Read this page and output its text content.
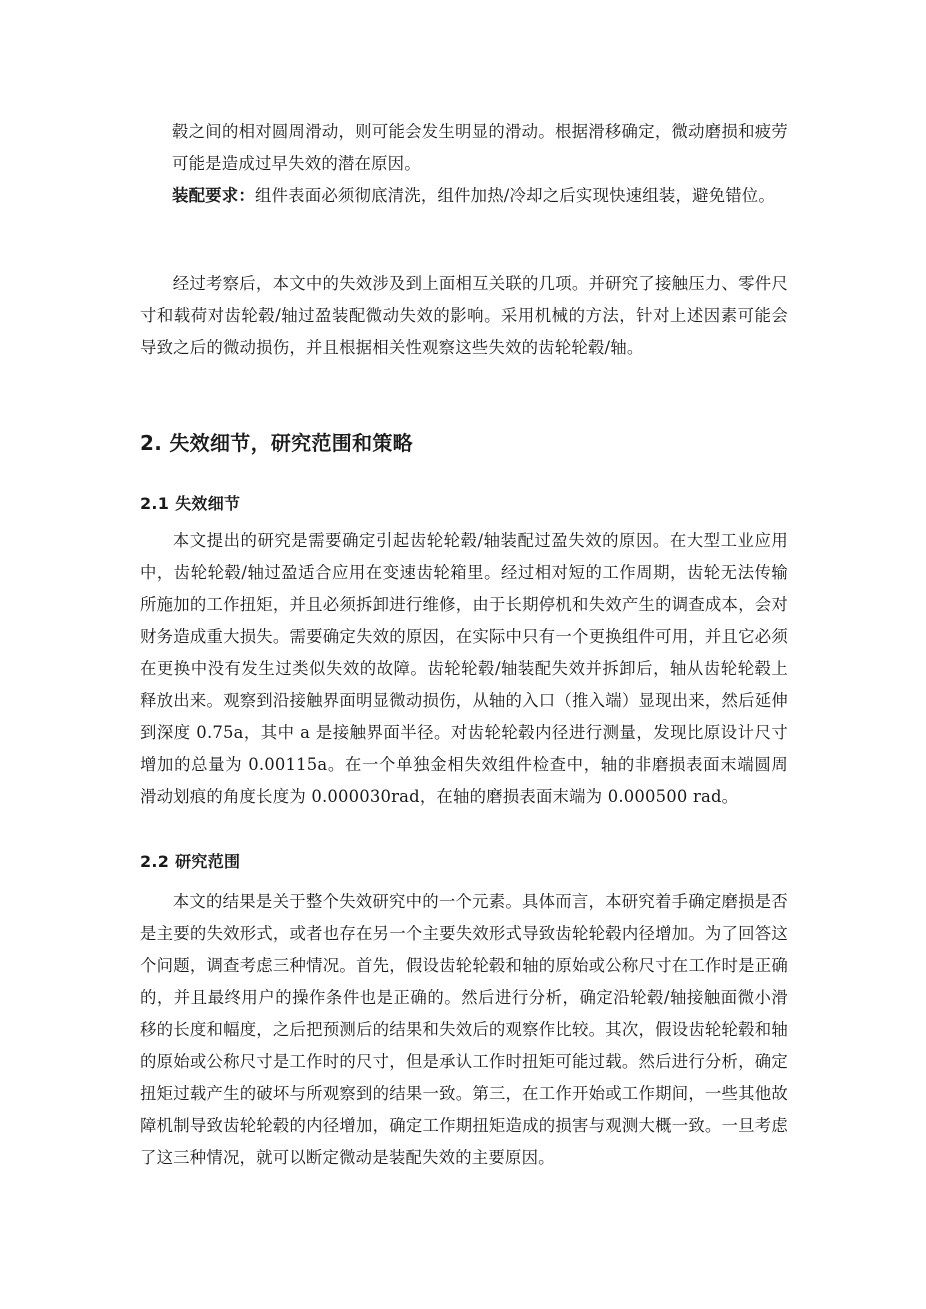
毂之间的相对圆周滑动，则可能会发生明显的滑动。根据滑移确定，微动磨损和疲劳可能是造成过早失效的潜在原因。

装配要求：组件表面必须彻底清洗，组件加热/冷却之后实现快速组装，避免错位。

经过考察后，本文中的失效涉及到上面相互关联的几项。并研究了接触压力、零件尺寸和载荷对齿轮毂/轴过盈装配微动失效的影响。采用机械的方法，针对上述因素可能会导致之后的微动损伤，并且根据相关性观察这些失效的齿轮轮毂/轴。

2. 失效细节，研究范围和策略
2.1 失效细节

本文提出的研究是需要确定引起齿轮轮毂/轴装配过盈失效的原因。在大型工业应用中，齿轮轮毂/轴过盈适合应用在变速齿轮箱里。经过相对短的工作周期，齿轮无法传输所施加的工作扭矩，并且必须拆卸进行维修，由于长期停机和失效产生的调查成本，会对财务造成重大损失。需要确定失效的原因，在实际中只有一个更换组件可用，并且它必须在更换中没有发生过类似失效的故障。齿轮轮毂/轴装配失效并拆卸后，轴从齿轮轮毂上释放出来。观察到沿接触界面明显微动损伤，从轴的入口（推入端）显现出来，然后延伸到深度 0.75a，其中 a 是接触界面半径。对齿轮轮毂内径进行测量，发现比原设计尺寸增加的总量为 0.00115a。在一个单独金相失效组件检查中，轴的非磨损表面末端圆周滑动划痕的角度长度为 0.000030rad，在轴的磨损表面末端为 0.000500 rad。

2.2 研究范围

本文的结果是关于整个失效研究中的一个元素。具体而言，本研究着手确定磨损是否是主要的失效形式，或者也存在另一个主要失效形式导致齿轮轮毂内径增加。为了回答这个问题，调查考虑三种情况。首先，假设齿轮轮毂和轴的原始或公称尺寸在工作时是正确的，并且最终用户的操作条件也是正确的。然后进行分析，确定沿轮毂/轴接触面微小滑移的长度和幅度，之后把预测后的结果和失效后的观察作比较。其次，假设齿轮轮毂和轴的原始或公称尺寸是工作时的尺寸，但是承认工作时扭矩可能过载。然后进行分析，确定扭矩过载产生的破坏与所观察到的结果一致。第三，在工作开始或工作期间，一些其他故障机制导致齿轮轮毂的内径增加，确定工作期扭矩造成的损害与观测大概一致。一旦考虑了这三种情况，就可以断定微动是装配失效的主要原因。
